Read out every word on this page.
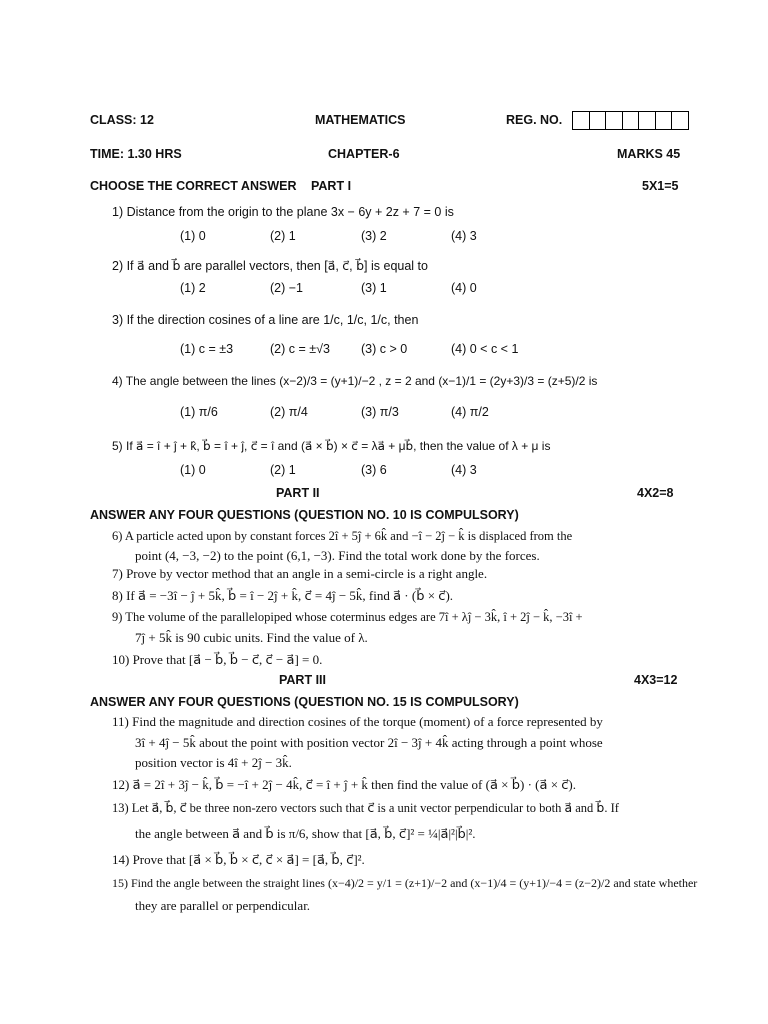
CLASS: 12	MATHEMATICS	REG. NO.
TIME: 1.30 HRS	CHAPTER-6	MARKS 45
CHOOSE THE CORRECT ANSWER PART I	5X1=5
1) Distance from the origin to the plane 3x − 6y + 2z + 7 = 0 is
(1) 0	(2) 1	(3) 2	(4) 3
2) If a⃗ and b⃗ are parallel vectors, then [a⃗, c⃗, b⃗] is equal to
(1) 2	(2) −1	(3) 1	(4) 0
3) If the direction cosines of a line are 1/c, 1/c, 1/c, then
(1) c = ±3	(2) c = ±√3 (3) c > 0	(4) 0 < c < 1
4) The angle between the lines (x−2)/3 = (y+1)/−2 , z = 2 and (x−1)/1 = (2y+3)/3 = (z+5)/2 is
(1) π/6	(2) π/4	(3) π/3	(4) π/2
5) If a⃗ = î + ĵ + k̂, b⃗ = î + ĵ, c⃗ = î and (a⃗ × b⃗) × c⃗ = λa⃗ + μb⃗, then the value of λ + μ is
(1) 0	(2) 1	(3) 6	(4) 3
PART II	4X2=8
ANSWER ANY FOUR QUESTIONS (QUESTION NO. 10 IS COMPULSORY)
6) A particle acted upon by constant forces 2î + 5ĵ + 6k̂ and −î − 2ĵ − k̂ is displaced from the
point (4, −3, −2) to the point (6,1, −3). Find the total work done by the forces.
7) Prove by vector method that an angle in a semi-circle is a right angle.
8) If a⃗ = −3î − ĵ + 5k̂, b⃗ = î − 2ĵ + k̂, c⃗ = 4ĵ − 5k̂, find a⃗ · (b⃗ × c⃗).
9) The volume of the parallelopiped whose coterminus edges are 7î + λĵ − 3k̂, î + 2ĵ − k̂, −3î +
7ĵ + 5k̂ is 90 cubic units. Find the value of λ.
10) Prove that [a⃗ − b⃗, b⃗ − c⃗, c⃗ − a⃗] = 0.
PART III	4X3=12
ANSWER ANY FOUR QUESTIONS (QUESTION NO. 15 IS COMPULSORY)
11) Find the magnitude and direction cosines of the torque (moment) of a force represented by
3î + 4ĵ − 5k̂ about the point with position vector 2î − 3ĵ + 4k̂ acting through a point whose
position vector is 4î + 2ĵ − 3k̂.
12) a⃗ = 2î + 3ĵ − k̂, b⃗ = −î + 2ĵ − 4k̂, c⃗ = î + ĵ + k̂ then find the value of (a⃗ × b⃗) · (a⃗ × c⃗).
13) Let a⃗, b⃗, c⃗ be three non-zero vectors such that c⃗ is a unit vector perpendicular to both a⃗ and b⃗. If
the angle between a⃗ and b⃗ is π/6, show that [a⃗, b⃗, c⃗]² = ¼|a⃗|²|b⃗|².
14) Prove that [a⃗ × b⃗, b⃗ × c⃗, c⃗ × a⃗] = [a⃗, b⃗, c⃗]².
15) Find the angle between the straight lines (x−4)/2 = y/1 = (z+1)/−2 and (x−1)/4 = (y+1)/−4 = (z−2)/2 and state whether
they are parallel or perpendicular.
